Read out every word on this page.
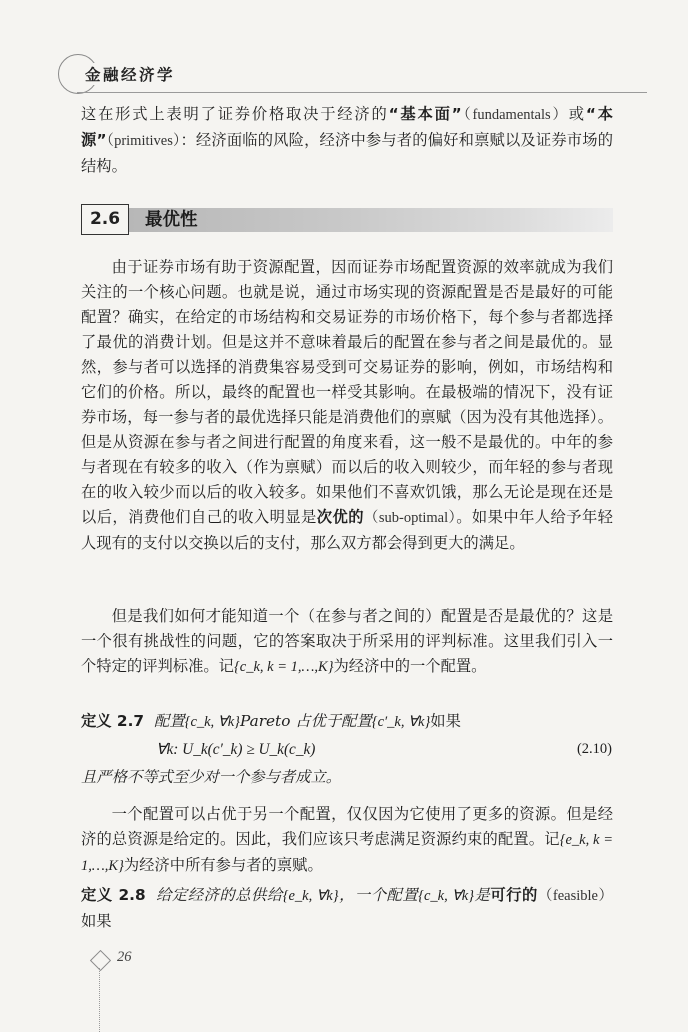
金融经济学
这在形式上表明了证券价格取决于经济的“基本面”（fundamentals）或“本源”（primitives）：经济面临的风险，经济中参与者的偏好和禀赋以及证券市场的结构。
2.6	最优性
由于证券市场有助于资源配置，因而证券市场配置资源的效率就成为我们关注的一个核心问题。也就是说，通过市场实现的资源配置是否是最好的可能配置？确实，在给定的市场结构和交易证券的市场价格下，每个参与者都选择了最优的消费计划。但是这并不意味着最后的配置在参与者之间是最优的。显然，参与者可以选择的消费集容易受到可交易证券的影响，例如，市场结构和它们的价格。所以，最终的配置也一样受其影响。在最极端的情况下，没有证券市场，每一参与者的最优选择只能是消费他们的禀赋（因为没有其他选择）。但是从资源在参与者之间进行配置的角度来看，这一般不是最优的。中年的参与者现在有较多的收入（作为禀赋）而以后的收入则较少，而年轻的参与者现在的收入较少而以后的收入较多。如果他们不喜欢饥饿，那么无论是现在还是以后，消费他们自己的收入明显是次优的（sub-optimal）。如果中年人给予年轻人现有的支付以交换以后的支付，那么双方都会得到更大的满足。
但是我们如何才能知道一个（在参与者之间的）配置是否是最优的？这是一个很有挑战性的问题，它的答案取决于所采用的评判标准。这里我们引入一个特定的评判标准。记{c_k, k = 1,…,K}为经济中的一个配置。
定义 2.7 配置{c_k, ∀k}Pareto 占优于配置{c′_k, ∀k}如果
∀k: U_k(c′_k) ≥ U_k(c_k)	(2.10)
且严格不等式至少对一个参与者成立。
一个配置可以占优于另一个配置，仅仅因为它使用了更多的资源。但是经济的总资源是给定的。因此，我们应该只考虑满足资源约束的配置。记{e_k, k = 1,…,K}为经济中所有参与者的禀赋。
定义 2.8 给定经济的总供给{e_k, ∀k}，一个配置{c_k, ∀k}是可行的（feasible）如果
26
